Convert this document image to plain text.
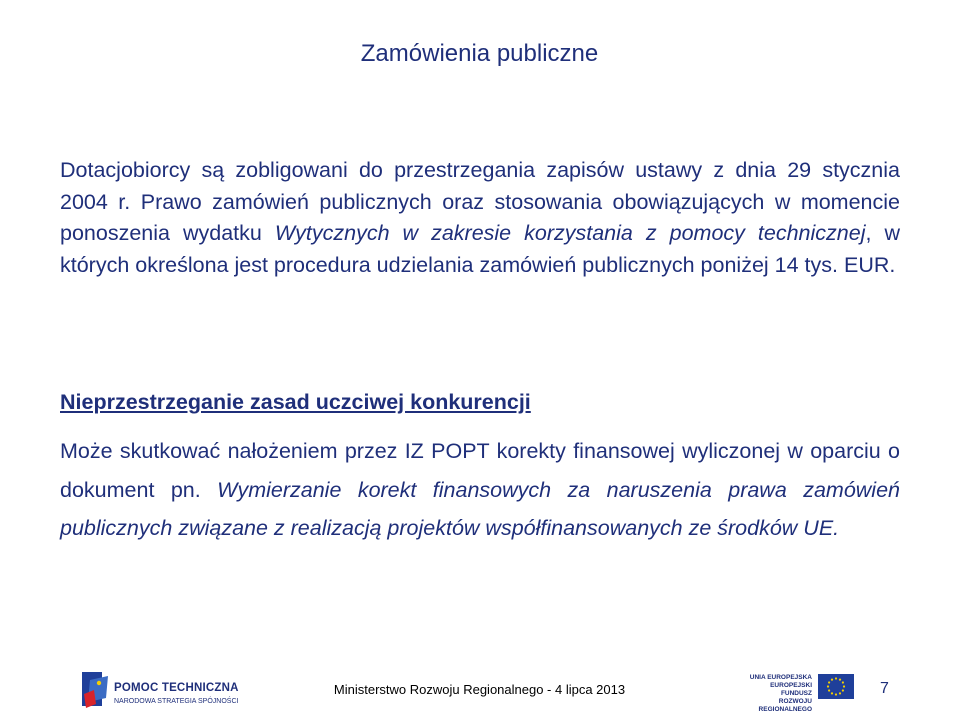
Zamówienia publiczne
Dotacjobiorcy są zobligowani do przestrzegania zapisów ustawy z dnia 29 stycznia 2004 r. Prawo zamówień publicznych oraz stosowania obowiązujących w momencie ponoszenia wydatku Wytycznych w zakresie korzystania z pomocy technicznej, w których określona jest procedura udzielania zamówień publicznych poniżej 14 tys. EUR.
Nieprzestrzeganie zasad uczciwej konkurencji
Może skutkować nałożeniem przez IZ POPT korekty finansowej wyliczonej w oparciu o dokument pn. Wymierzanie korekt finansowych za naruszenia prawa zamówień publicznych związane z realizacją projektów współfinansowanych ze środków UE.
POMOC TECHNICZNA
NARODOWA STRATEGIA SPÓJNOŚCI
Ministerstwo Rozwoju Regionalnego - 4 lipca 2013
UNIA EUROPEJSKA
EUROPEJSKI FUNDUSZ
ROZWOJU REGIONALNEGO
7
